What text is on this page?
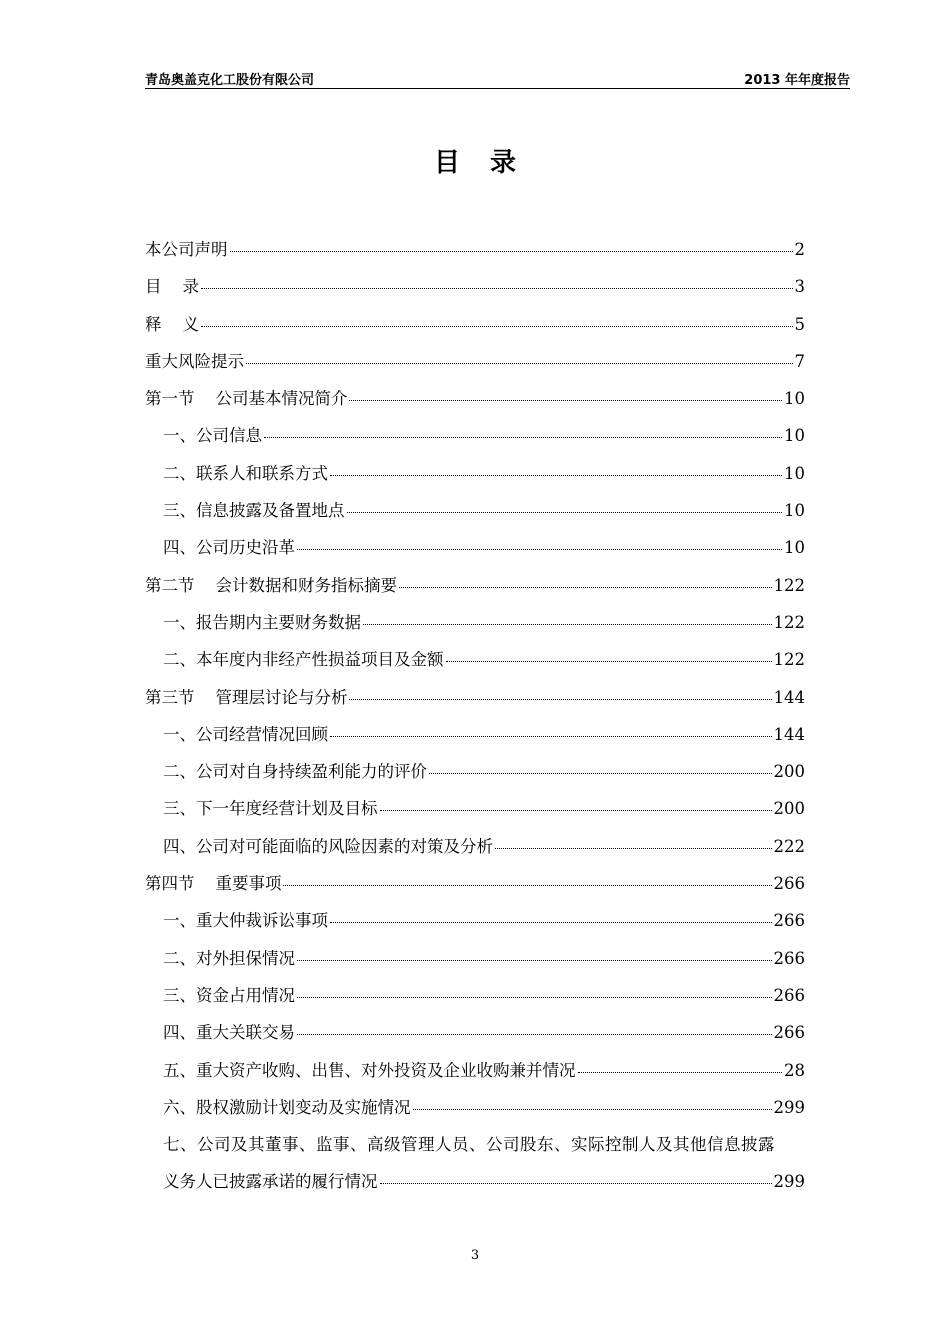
青岛奥盖克化工股份有限公司	2013 年年度报告
目录
本公司声明	2
目    录	3
释    义	5
重大风险提示	7
第一节    公司基本情况简介	10
一、公司信息	10
二、联系人和联系方式	10
三、信息披露及备置地点	10
四、公司历史沿革	10
第二节    会计数据和财务指标摘要	122
一、报告期内主要财务数据	122
二、本年度内非经产性损益项目及金额	122
第三节    管理层讨论与分析	144
一、公司经营情况回顾	144
二、公司对自身持续盈利能力的评价	200
三、下一年度经营计划及目标	200
四、公司对可能面临的风险因素的对策及分析	222
第四节    重要事项	266
一、重大仲裁诉讼事项	266
二、对外担保情况	266
三、资金占用情况	266
四、重大关联交易	266
五、重大资产收购、出售、对外投资及企业收购兼并情况	28
六、股权激励计划变动及实施情况	299
七、公司及其董事、监事、高级管理人员、公司股东、实际控制人及其他信息披露
义务人已披露承诺的履行情况	299
3
